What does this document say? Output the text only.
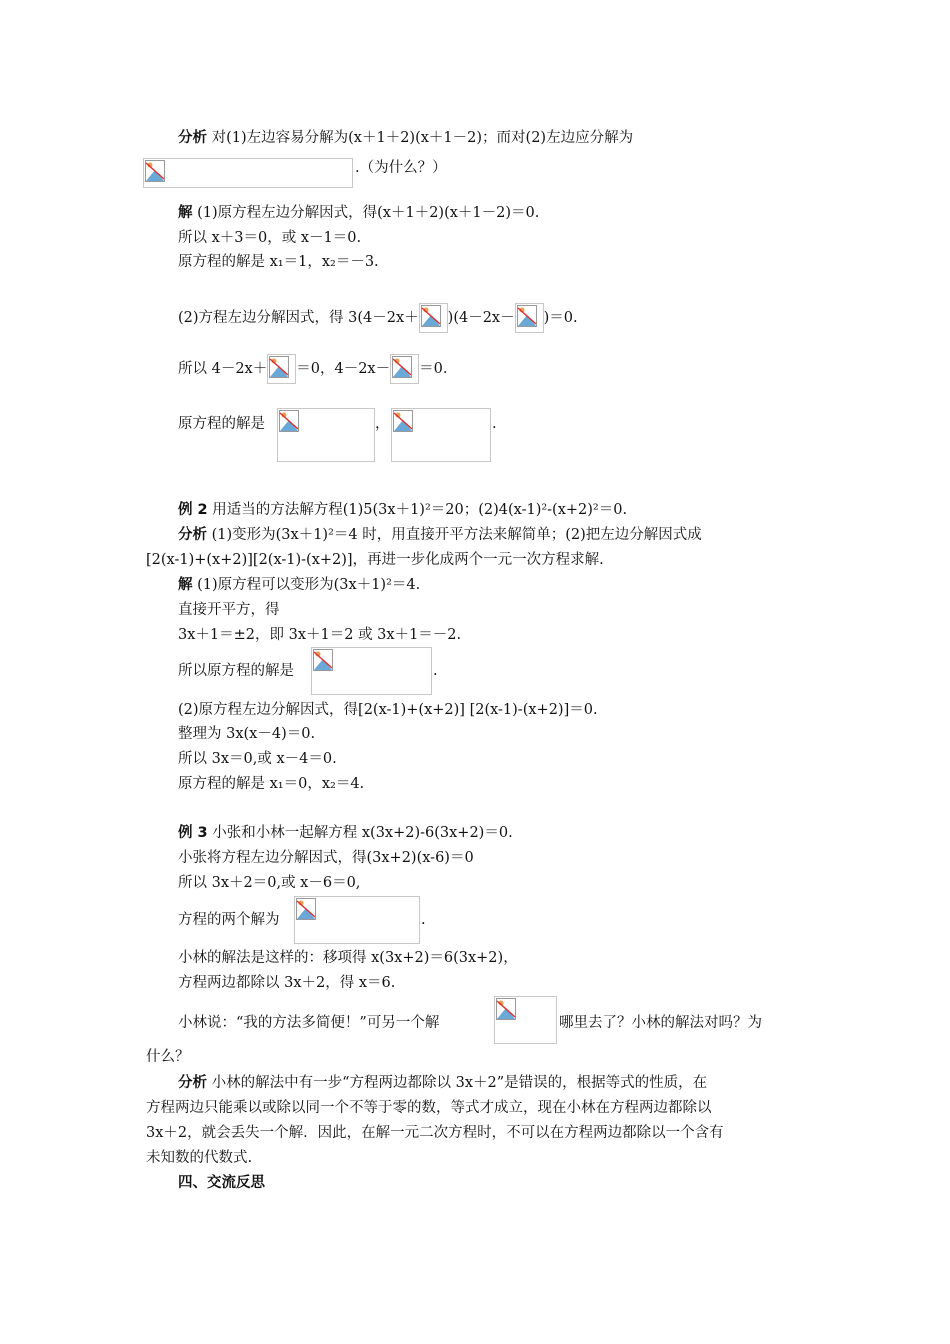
分析 对(1)左边容易分解为(x＋1＋2)(x＋1－2)；而对(2)左边应分解为
.（为什么？）
解 (1)原方程左边分解因式，得(x＋1＋2)(x＋1－2)＝0.
所以 x＋3＝0，或 x－1＝0.
原方程的解是 x₁＝1，x₂＝－3.
(2)方程左边分解因式，得 3(4－2x＋ )(4－2x－ )＝0.
所以 4－2x＋ ＝0，4－2x－ ＝0.
原方程的解是	，	.
例 2 用适当的方法解方程(1)5(3x＋1)²＝20；(2)4(x-1)²-(x+2)²＝0.
分析 (1)变形为(3x＋1)²＝4 时，用直接开平方法来解简单；(2)把左边分解因式成
[2(x-1)+(x+2)][2(x-1)-(x+2)]，再进一步化成两个一元一次方程求解.
解 (1)原方程可以变形为(3x＋1)²＝4.
直接开平方，得
3x＋1＝±2，即 3x＋1＝2 或 3x＋1＝－2.
所以原方程的解是	.
(2)原方程左边分解因式，得[2(x-1)+(x+2)] [2(x-1)-(x+2)]＝0.
整理为 3x(x－4)＝0.
所以 3x＝0,或 x－4＝0.
原方程的解是 x₁＝0，x₂＝4.
例 3 小张和小林一起解方程 x(3x+2)-6(3x+2)＝0.
小张将方程左边分解因式，得(3x+2)(x-6)＝0
所以 3x＋2＝0,或 x－6＝0,
方程的两个解为	.
小林的解法是这样的：移项得 x(3x+2)＝6(3x+2)，
方程两边都除以 3x＋2，得 x＝6.
小林说：“我的方法多简便！”可另一个解	哪里去了？小林的解法对吗？为
什么？
分析 小林的解法中有一步“方程两边都除以 3x＋2”是错误的，根据等式的性质，在
方程两边只能乘以或除以同一个不等于零的数，等式才成立，现在小林在方程两边都除以
3x＋2，就会丢失一个解．因此，在解一元二次方程时，不可以在方程两边都除以一个含有
未知数的代数式.
四、交流反思
